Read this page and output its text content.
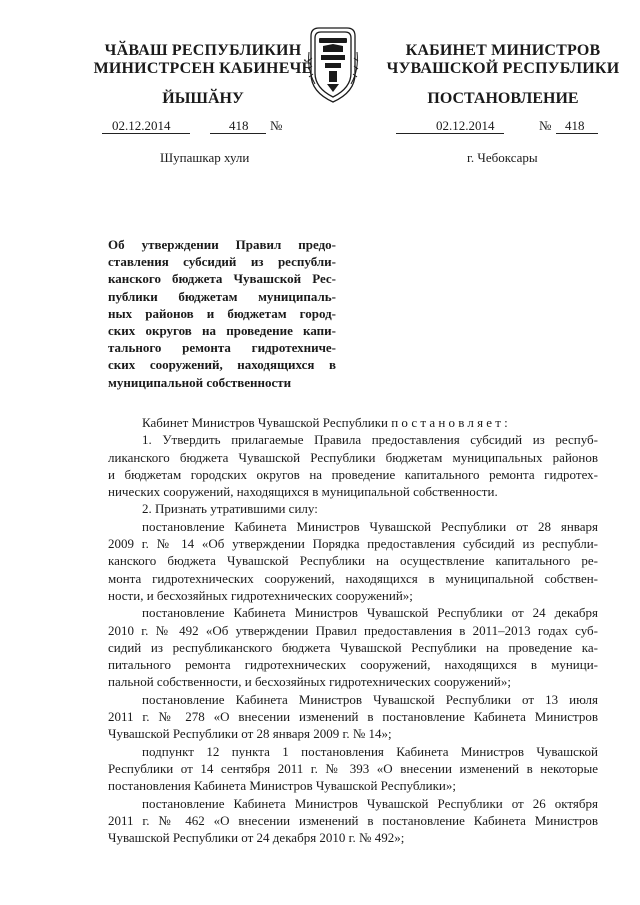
ЧӐВАШ РЕСПУБЛИКИН
МИНИСТРСЕН КАБИНЕЧӖ
КАБИНЕТ МИНИСТРОВ
ЧУВАШСКОЙ РЕСПУБЛИКИ
ЙЫШӐНУ	ПОСТАНОВЛЕНИЕ
02.12.2014	418 №	02.12.2014	№ 418
Шупашкар хули	г. Чебоксары
Об утверждении Правил предо-
ставления субсидий из республи-
канского бюджета Чувашской Рес-
публики бюджетам муниципаль-
ных районов и бюджетам город-
ских округов на проведение капи-
тального ремонта гидротехниче-
ских сооружений, находящихся в
муниципальной собственности
Кабинет Министров Чувашской Республики постановляет:
1. Утвердить прилагаемые Правила предоставления субсидий из респуб-
ликанского бюджета Чувашской Республики бюджетам муниципальных районов
и бюджетам городских округов на проведение капитального ремонта гидротех-
нических сооружений, находящихся в муниципальной собственности.
2. Признать утратившими силу:
постановление Кабинета Министров Чувашской Республики от 28 января
2009 г. № 14 «Об утверждении Порядка предоставления субсидий из республи-
канского бюджета Чувашской Республики на осуществление капитального ре-
монта гидротехнических сооружений, находящихся в муниципальной собствен-
ности, и бесхозяйных гидротехнических сооружений»;
постановление Кабинета Министров Чувашской Республики от 24 декабря
2010 г. № 492 «Об утверждении Правил предоставления в 2011–2013 годах суб-
сидий из республиканского бюджета Чувашской Республики на проведение ка-
питального ремонта гидротехнических сооружений, находящихся в муници-
пальной собственности, и бесхозяйных гидротехнических сооружений»;
постановление Кабинета Министров Чувашской Республики от 13 июля
2011 г. № 278 «О внесении изменений в постановление Кабинета Министров
Чувашской Республики от 28 января 2009 г. № 14»;
подпункт 12 пункта 1 постановления Кабинета Министров Чувашской
Республики от 14 сентября 2011 г. № 393 «О внесении изменений в некоторые
постановления Кабинета Министров Чувашской Республики»;
постановление Кабинета Министров Чувашской Республики от 26 октября
2011 г. № 462 «О внесении изменений в постановление Кабинета Министров
Чувашской Республики от 24 декабря 2010 г. № 492»;
